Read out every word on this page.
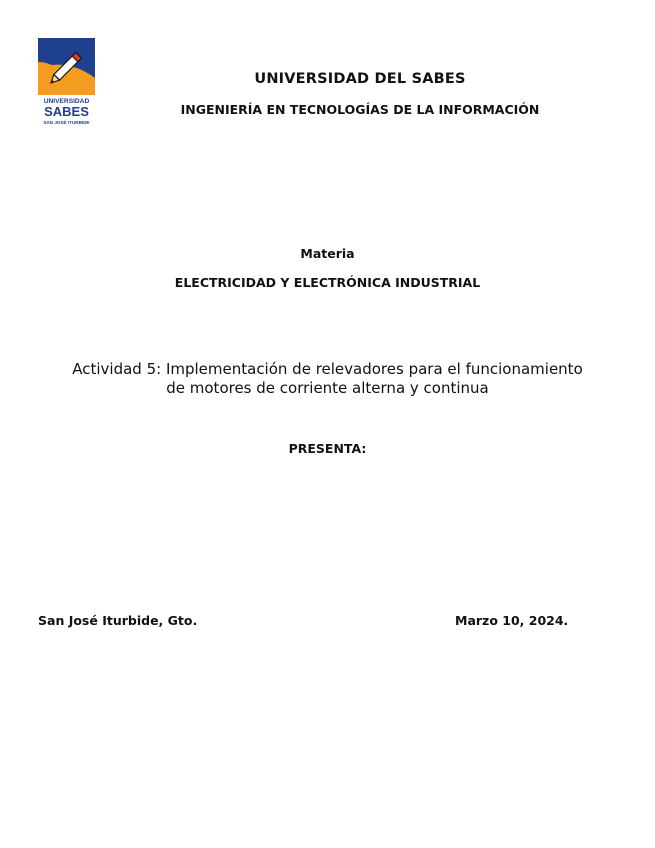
UNIVERSIDAD
SABES
SAN JOSÉ ITURBIDE
UNIVERSIDAD DEL SABES
INGENIERÍA EN TECNOLOGÍAS DE LA INFORMACIÓN
Materia
ELECTRICIDAD Y ELECTRÓNICA INDUSTRIAL
Actividad 5: Implementación de relevadores para el funcionamiento
de motores de corriente alterna y continua
PRESENTA:
San José Iturbide, Gto.	Marzo 10, 2024.
